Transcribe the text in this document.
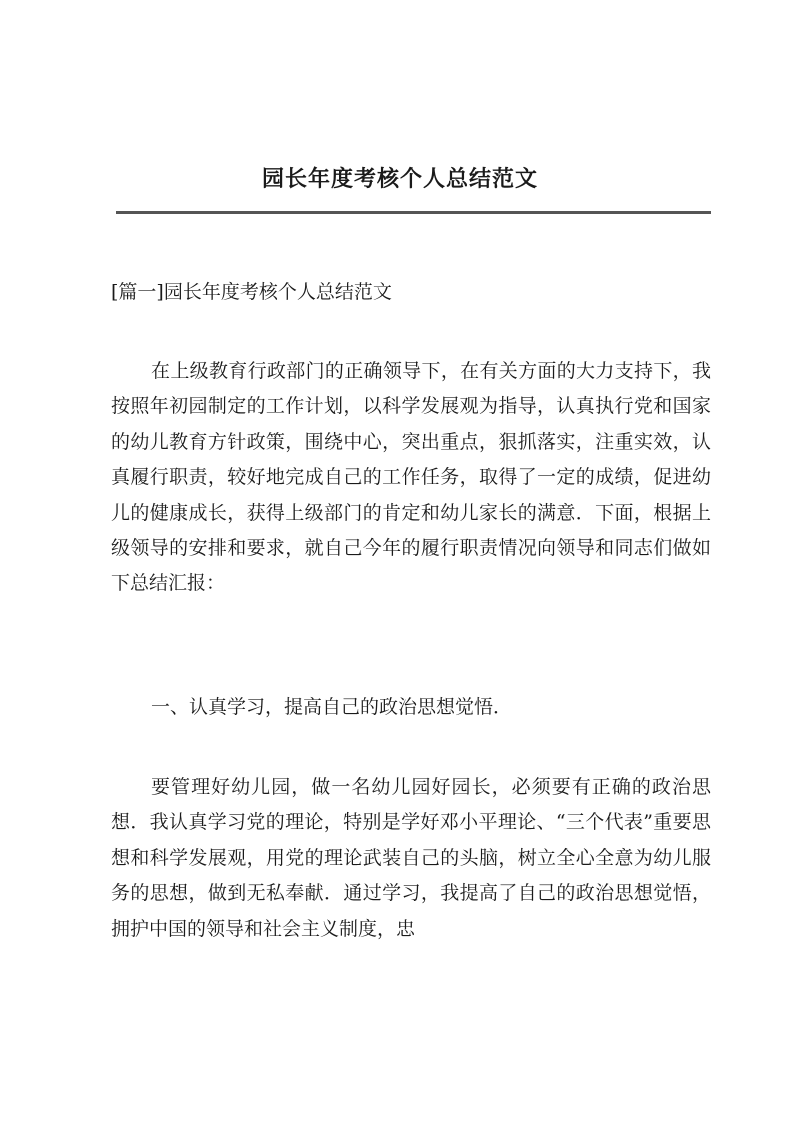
园长年度考核个人总结范文

[篇一]园长年度考核个人总结范文

在上级教育行政部门的正确领导下，在有关方面的大力支持下，我按照年初园制定的工作计划，以科学发展观为指导，认真执行党和国家的幼儿教育方针政策，围绕中心，突出重点，狠抓落实，注重实效，认真履行职责，较好地完成自己的工作任务，取得了一定的成绩，促进幼儿的健康成长，获得上级部门的肯定和幼儿家长的满意．下面，根据上级领导的安排和要求，就自己今年的履行职责情况向领导和同志们做如下总结汇报：

一、认真学习，提高自己的政治思想觉悟．

要管理好幼儿园，做一名幼儿园好园长，必须要有正确的政治思想．我认真学习党的理论，特别是学好邓小平理论、“三个代表”重要思想和科学发展观，用党的理论武装自己的头脑，树立全心全意为幼儿服务的思想，做到无私奉献．通过学习，我提高了自己的政治思想觉悟，拥护中国的领导和社会主义制度，忠
